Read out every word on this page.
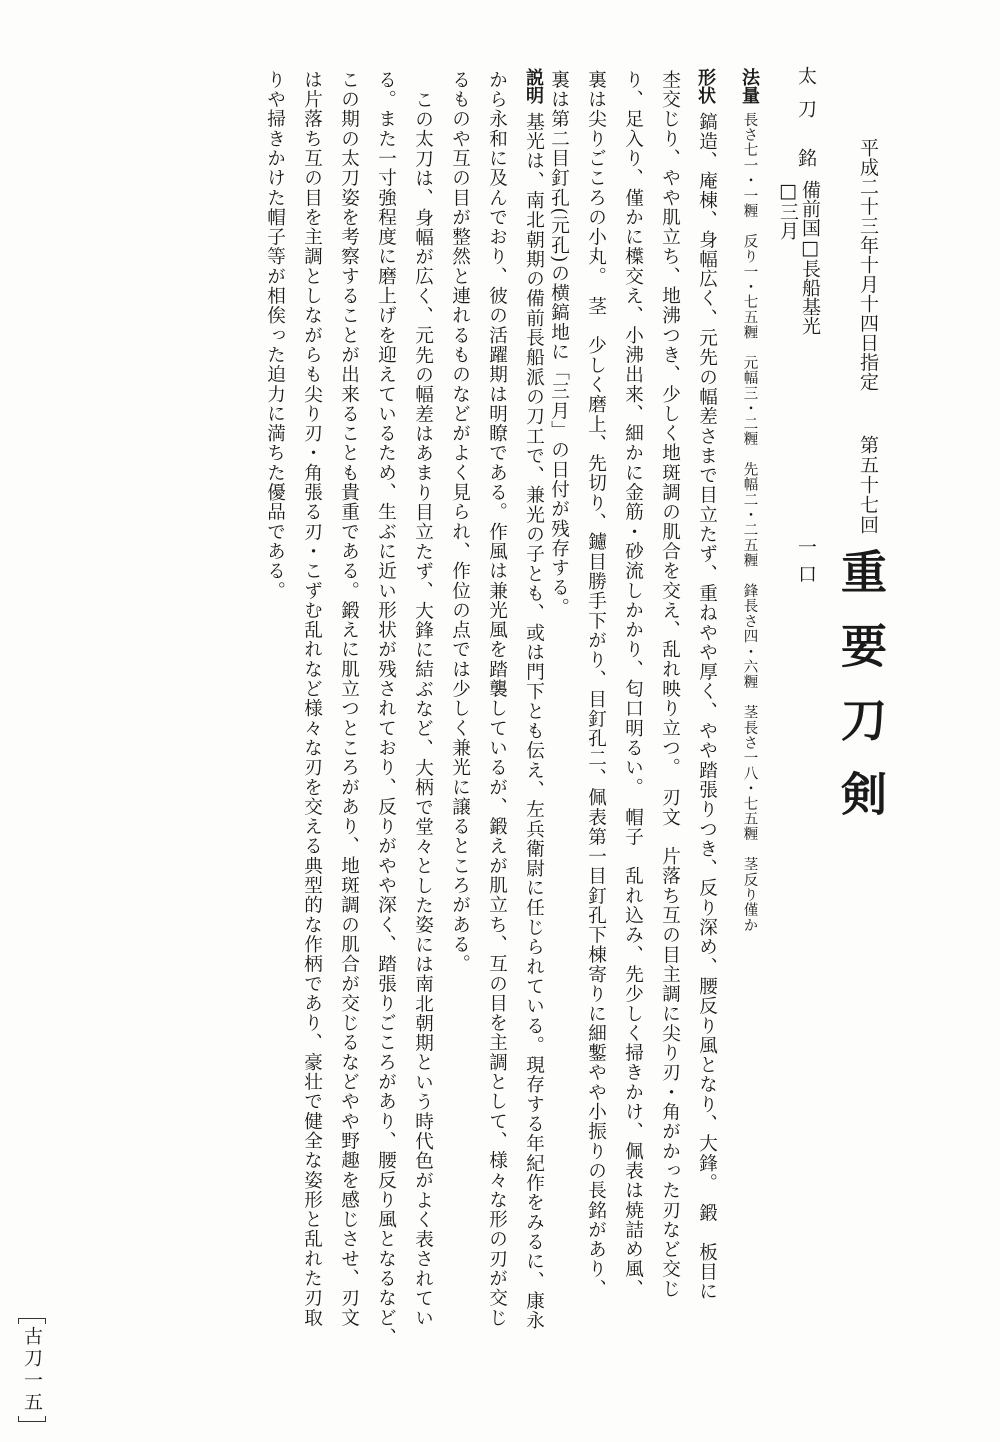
重要刀剣
第五十七回
平成二十三年十月十四日指定
太刀
銘
備前国□長船基光
□三月
一口
法量
長さ七一・一糎　反り一・七五糎　元幅三・二糎　先幅二・二五糎　鋒長さ四・六糎　茎長さ一八・七五糎　茎反り僅か
形状
鎬造、庵棟、身幅広く、元先の幅差さまで目立たず、重ねやや厚く、やや踏張りつき、反り深め、腰反り風となり、大鋒。　鍛　板目に
杢交じり、やや肌立ち、地沸つき、少しく地斑調の肌合を交え、乱れ映り立つ。　刃文　片落ち互の目主調に尖り刃・角がかった刃など交じ
り、足入り、僅かに𣜿交え、小沸出来、細かに金筋・砂流しかかり、匂口明るい。　帽子　乱れ込み、先少しく掃きかけ、佩表は焼詰め風、
裏は尖りごころの小丸。　茎　少しく磨上、先切り、鑢目勝手下がり、目釘孔二、佩表第一目釘孔下棟寄りに細鏨やや小振りの長銘があり、
裏は第二目釘孔(元孔)の横鎬地に「三月」の日付が残存する。
説明
基光は、南北朝期の備前長船派の刀工で、兼光の子とも、或は門下とも伝え、左兵衛尉に任じられている。現存する年紀作をみるに、康永
から永和に及んでおり、彼の活躍期は明瞭である。作風は兼光風を踏襲しているが、鍛えが肌立ち、互の目を主調として、様々な形の刃が交じ
るものや互の目が整然と連れるものなどがよく見られ、作位の点では少しく兼光に譲るところがある。
この太刀は、身幅が広く、元先の幅差はあまり目立たず、大鋒に結ぶなど、大柄で堂々とした姿には南北朝期という時代色がよく表されてい
る。また一寸強程度に磨上げを迎えているため、生ぶに近い形状が残されており、反りがやや深く、踏張りごころがあり、腰反り風となるなど、
この期の太刀姿を考察することが出来ることも貴重である。鍛えに肌立つところがあり、地斑調の肌合が交じるなどやや野趣を感じさせ、刃文
は片落ち互の目を主調としながらも尖り刃・角張る刃・こずむ乱れなど様々な刃を交える典型的な作柄であり、豪壮で健全な姿形と乱れた刃取
りや掃きかけた帽子等が相俟った迫力に満ちた優品である。
古刀一五
